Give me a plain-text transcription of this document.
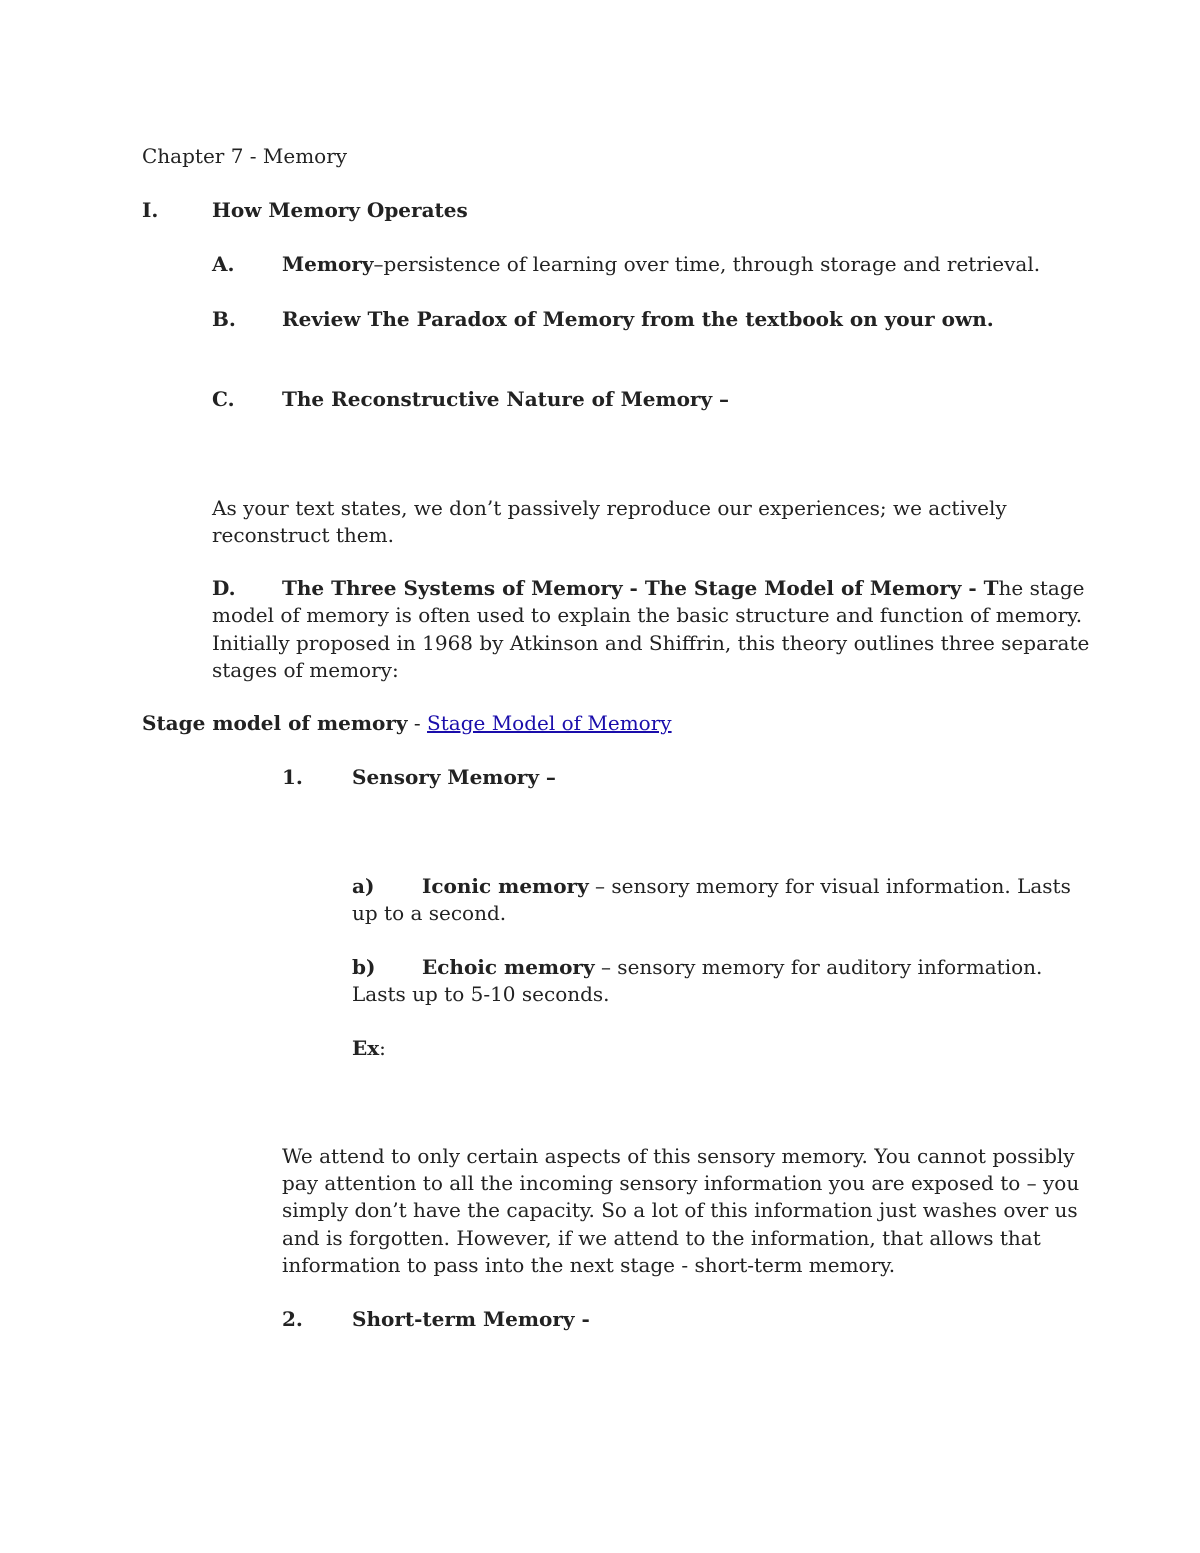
Chapter 7 - Memory
I.	How Memory Operates
A. Memory–persistence of learning over time, through storage and retrieval.
B. Review The Paradox of Memory from the textbook on your own.
C. The Reconstructive Nature of Memory –
As your text states, we don’t passively reproduce our experiences; we actively
reconstruct them.
D. The Three Systems of Memory - The Stage Model of Memory - The stage
model of memory is often used to explain the basic structure and function of memory.
Initially proposed in 1968 by Atkinson and Shiffrin, this theory outlines three separate
stages of memory:
Stage model of memory - Stage Model of Memory
1. Sensory Memory –
a) Iconic memory – sensory memory for visual information. Lasts
up to a second.
b) Echoic memory – sensory memory for auditory information.
Lasts up to 5-10 seconds.
Ex:
We attend to only certain aspects of this sensory memory. You cannot possibly
pay attention to all the incoming sensory information you are exposed to – you
simply don’t have the capacity. So a lot of this information just washes over us
and is forgotten. However, if we attend to the information, that allows that
information to pass into the next stage - short-term memory.
2. Short-term Memory -
